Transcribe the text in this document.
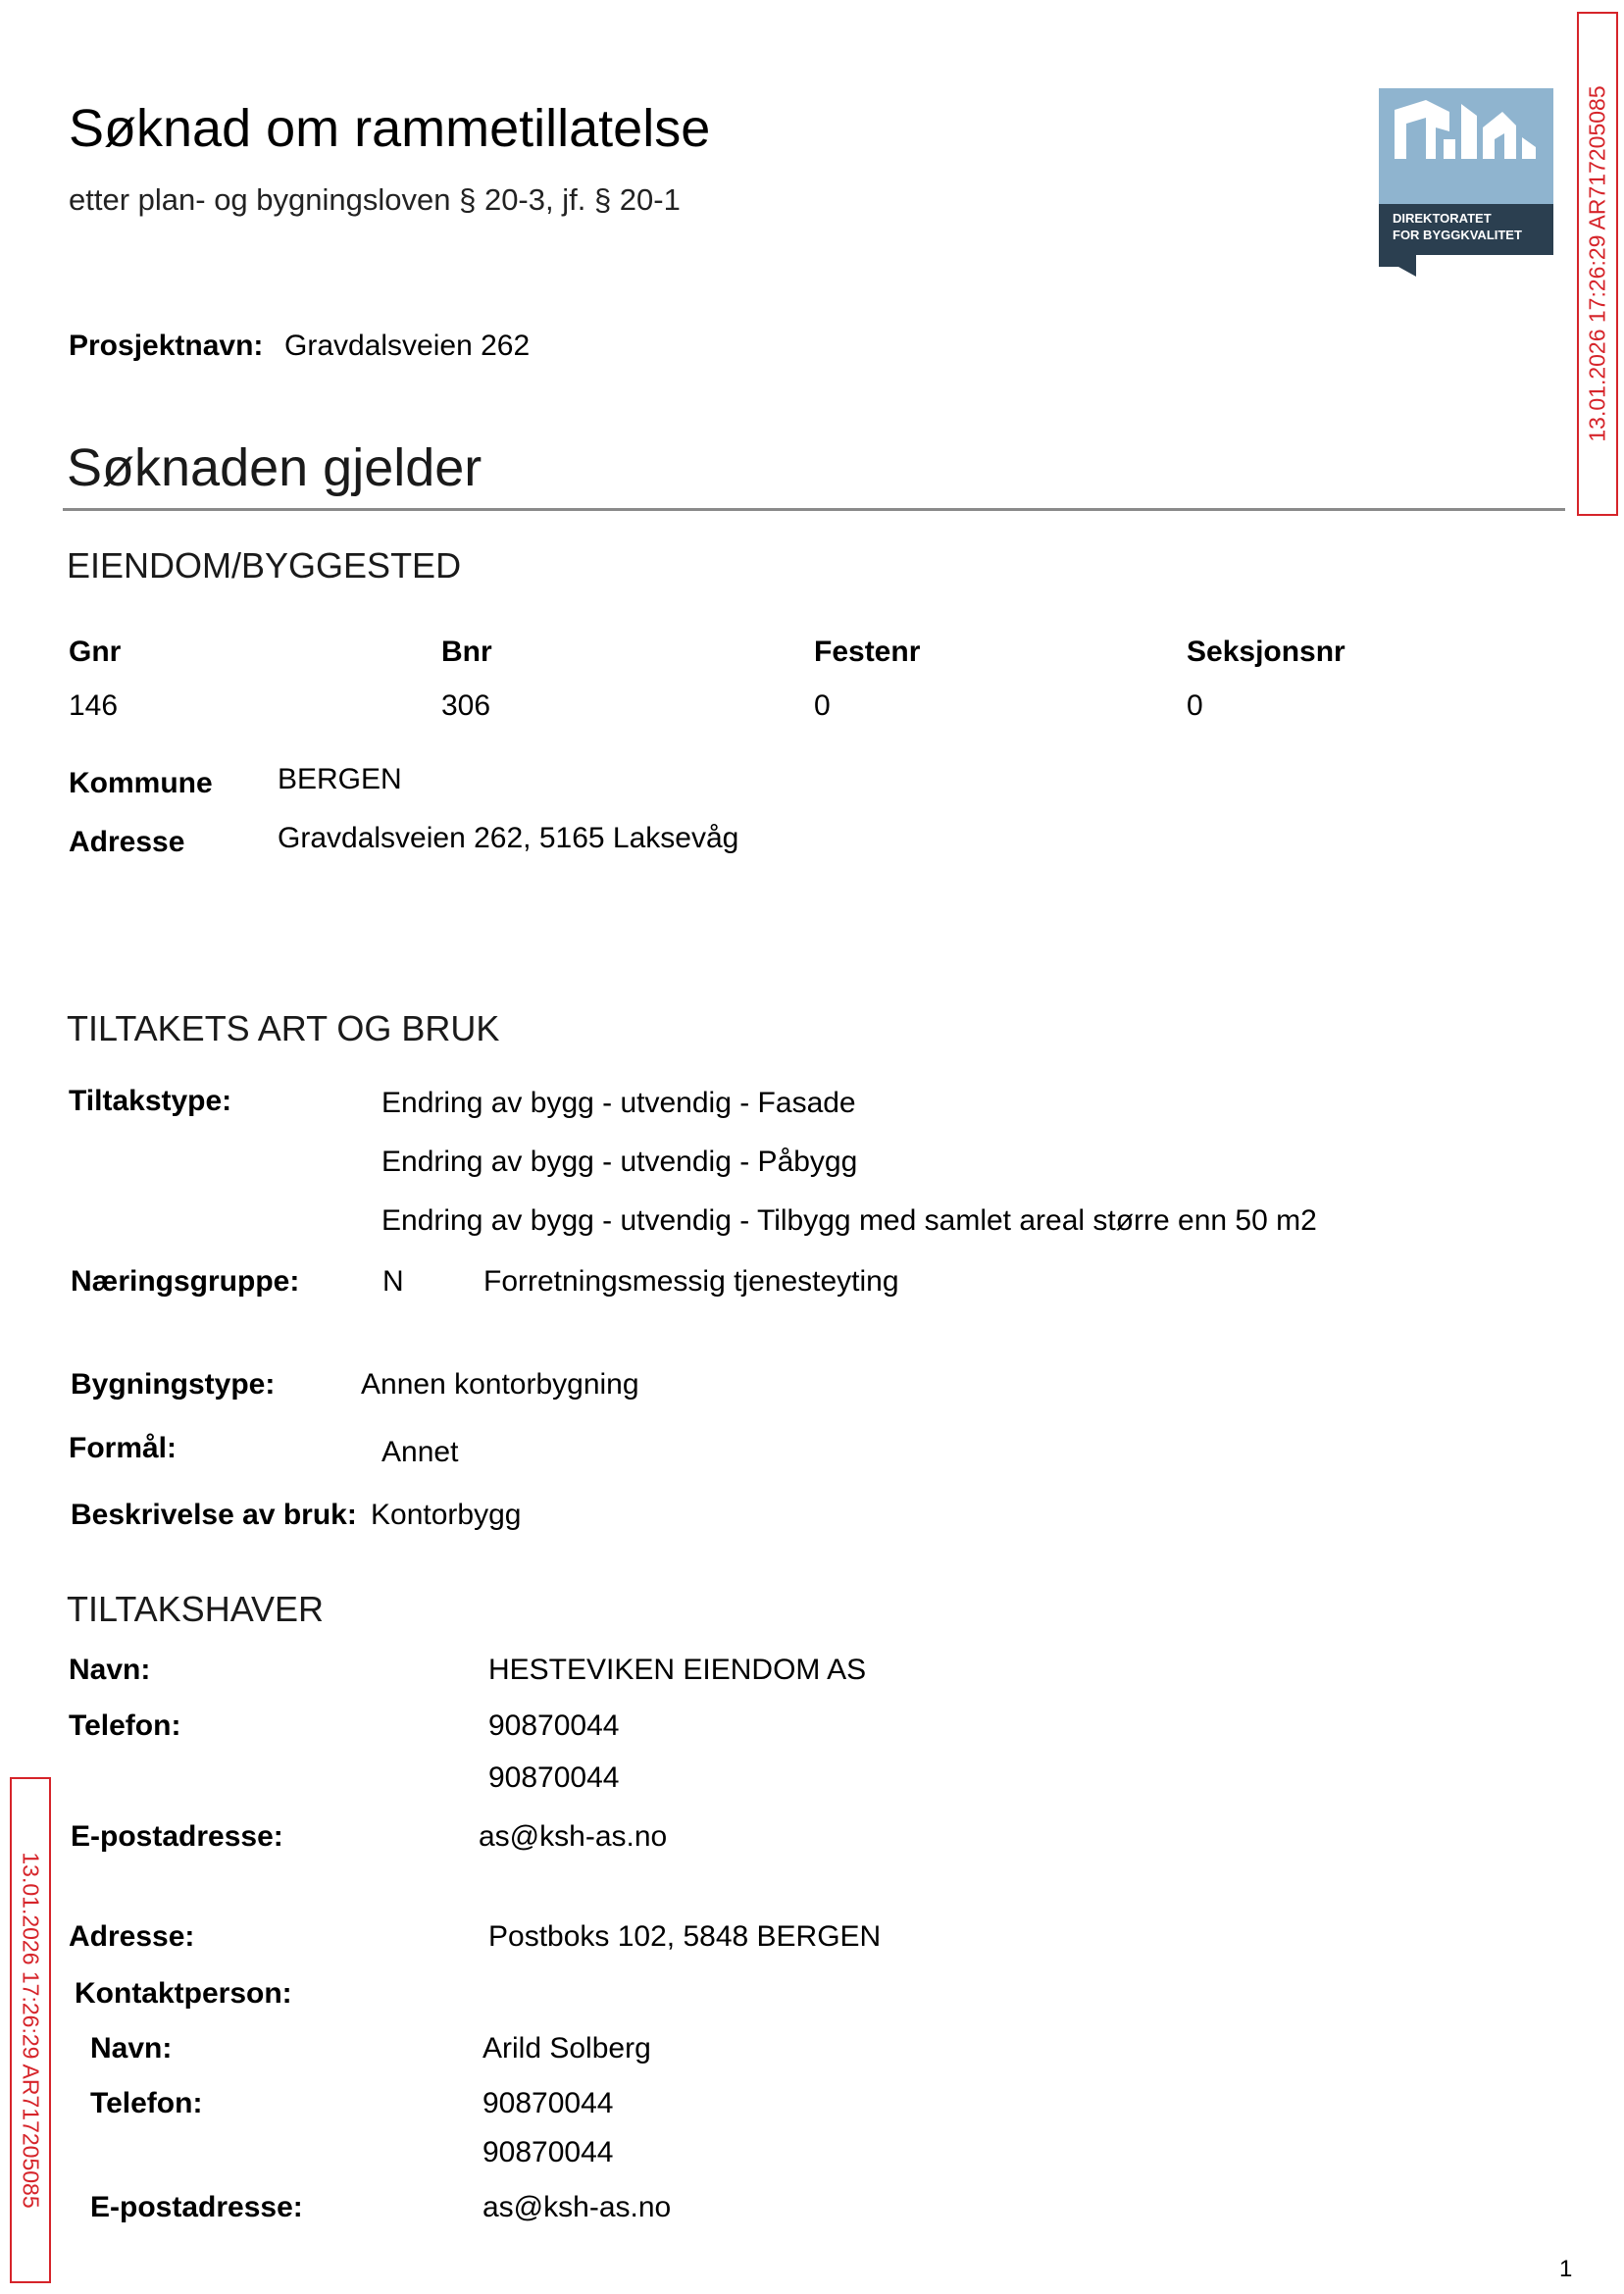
Søknad om rammetillatelse
etter plan- og bygningsloven § 20-3, jf. § 20-1
DIREKTORATET
FOR BYGGKVALITET	13.01.2026 17:26:29 AR717205085
13.01.2026 17:26:29 AR717205085
Prosjektnavn: Gravdalsveien 262
Søknaden gjelder
EIENDOM/BYGGESTED
Gnr	Bnr	Festenr	Seksjonsnr
146	306	0	0
Kommune BERGEN
Adresse	Gravdalsveien 262, 5165 Laksevåg
TILTAKETS ART OG BRUK
Tiltakstype:	Endring av bygg - utvendig - Fasade
Endring av bygg - utvendig - Påbygg
Endring av bygg - utvendig - Tilbygg med samlet areal større enn 50 m2
Næringsgruppe:	N	Forretningsmessig tjenesteyting
Bygningstype:	Annen kontorbygning
Formål:	Annet
Beskrivelse av bruk: Kontorbygg
TILTAKSHAVER
Navn:	HESTEVIKEN EIENDOM AS
Telefon:	90870044
90870044
E-postadresse:	as@ksh-as.no
Adresse:	Postboks 102, 5848 BERGEN
Kontaktperson:
Navn:	Arild Solberg
Telefon:	90870044
90870044
E-postadresse:	as@ksh-as.no
1
